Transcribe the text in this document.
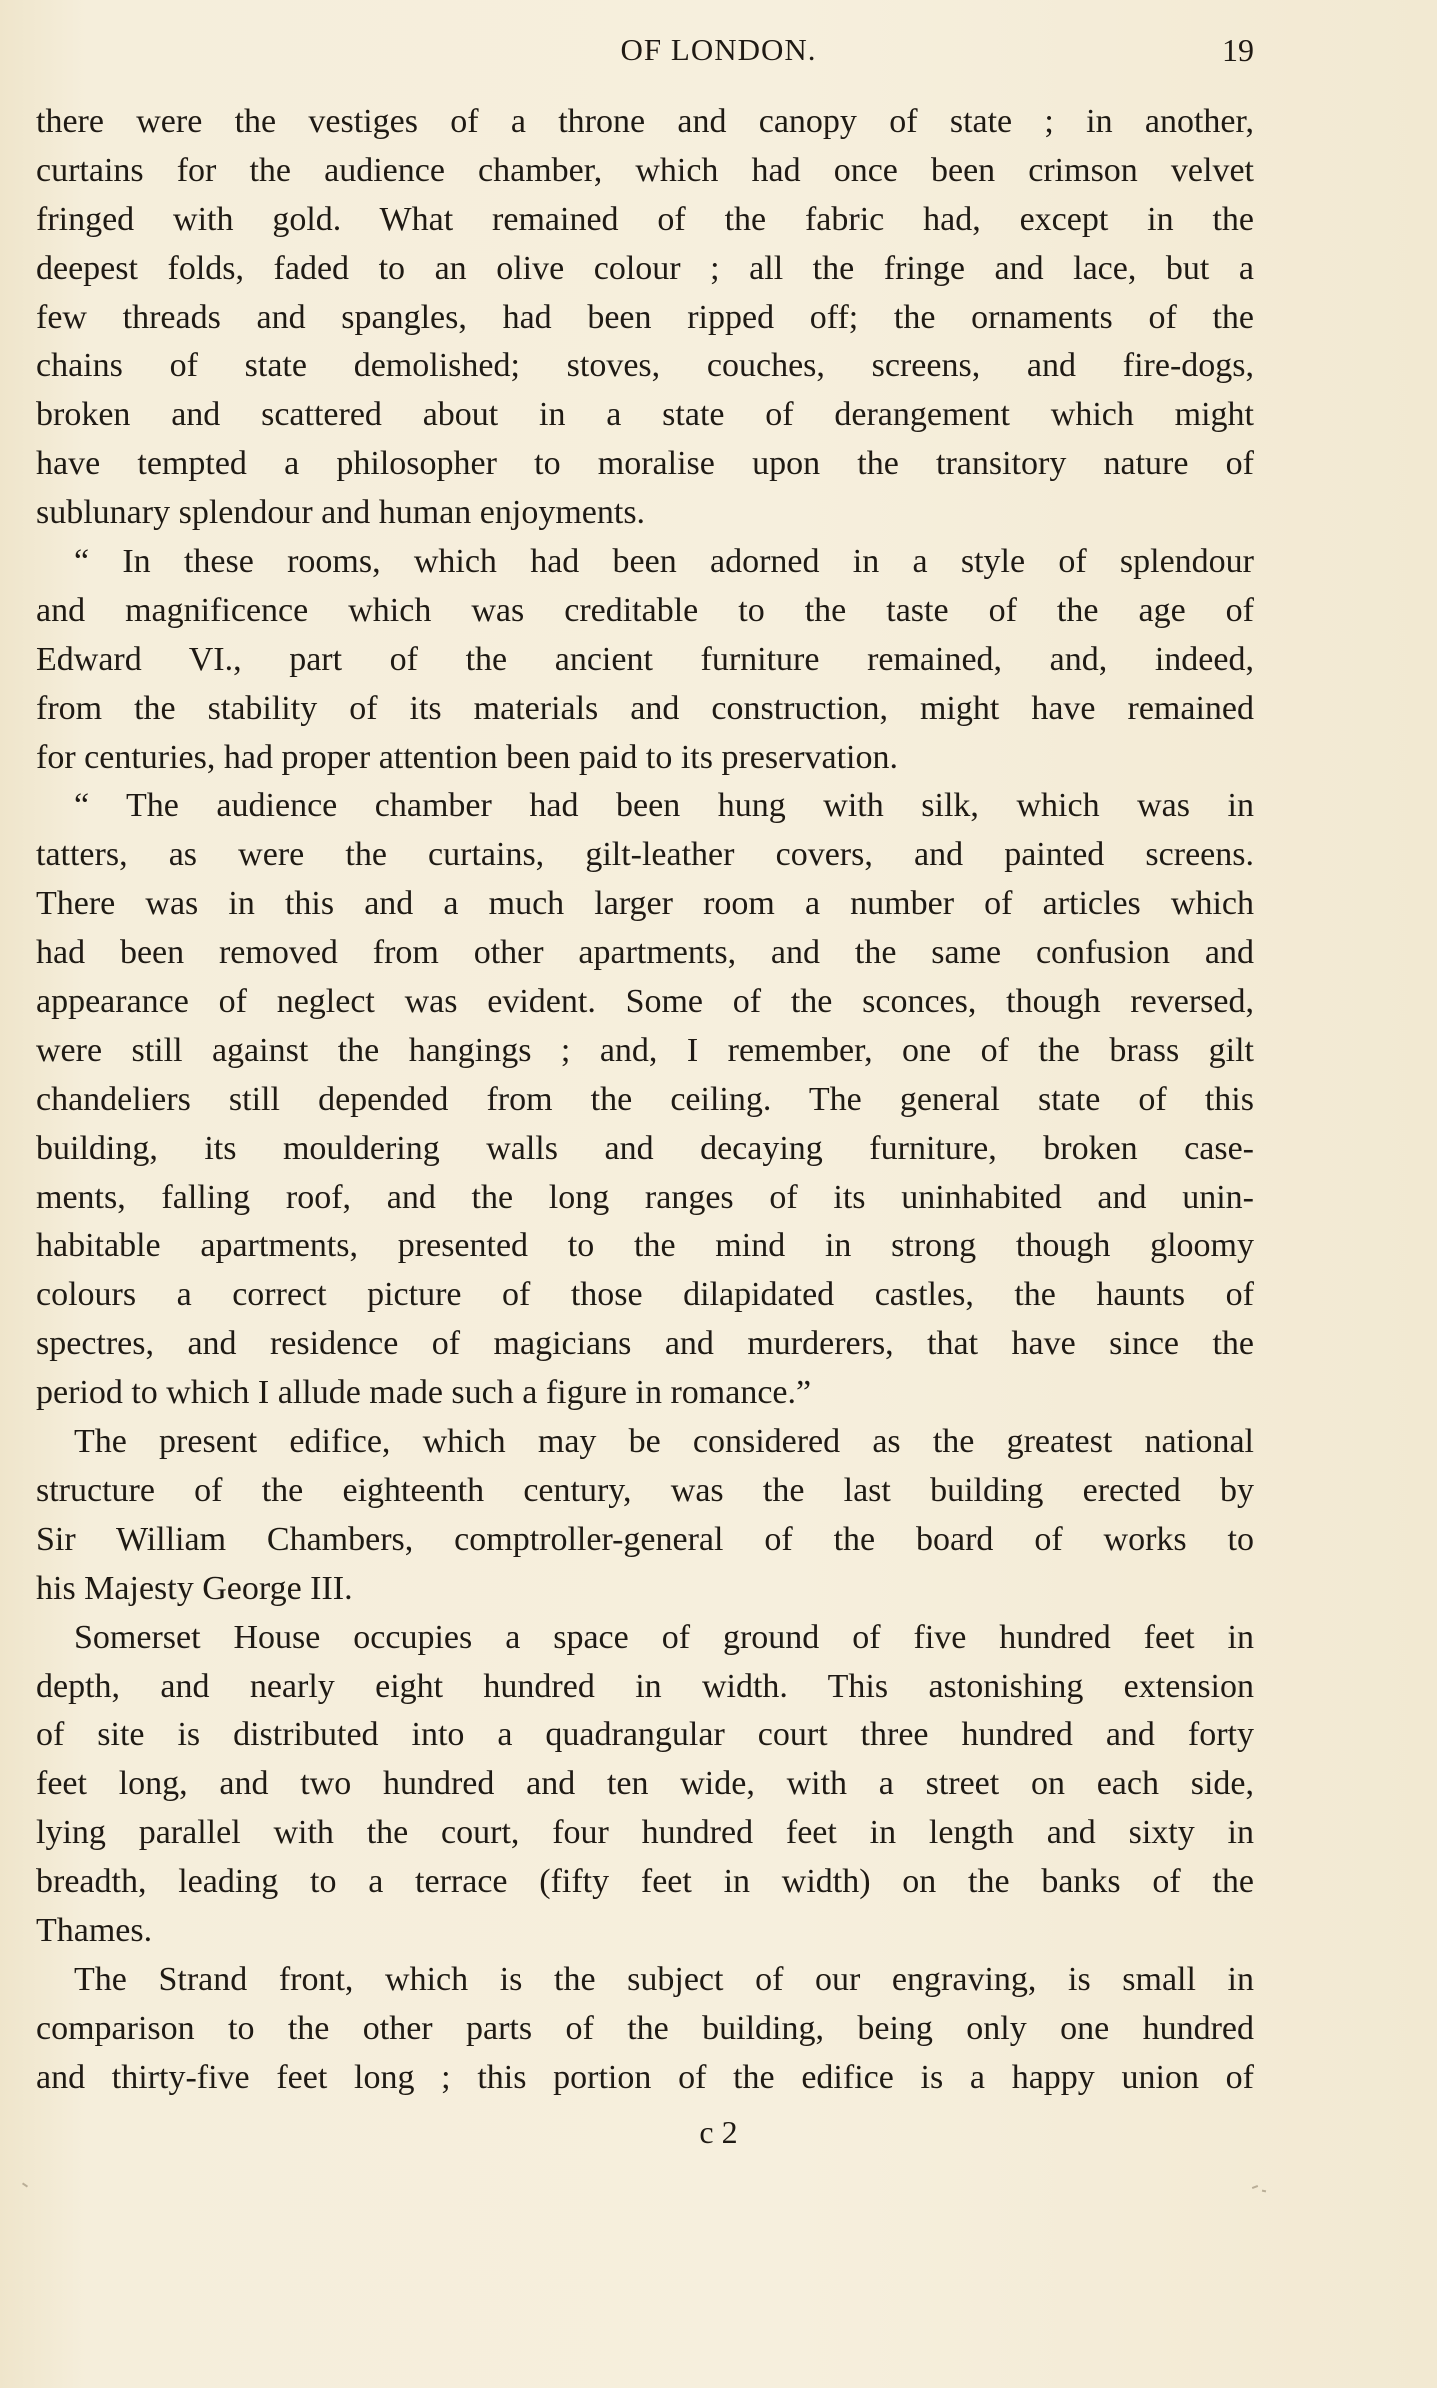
OF LONDON.	19
there were the vestiges of a throne and canopy of state ; in another,
curtains for the audience chamber, which had once been crimson velvet
fringed with gold. What remained of the fabric had, except in the
deepest folds, faded to an olive colour ; all the fringe and lace, but a
few threads and spangles, had been ripped off; the ornaments of the
chains of state demolished; stoves, couches, screens, and fire-dogs,
broken and scattered about in a state of derangement which might
have tempted a philosopher to moralise upon the transitory nature of
sublunary splendour and human enjoyments.
“ In these rooms, which had been adorned in a style of splendour
and magnificence which was creditable to the taste of the age of
Edward VI., part of the ancient furniture remained, and, indeed,
from the stability of its materials and construction, might have remained
for centuries, had proper attention been paid to its preservation.
“ The audience chamber had been hung with silk, which was in
tatters, as were the curtains, gilt-leather covers, and painted screens.
There was in this and a much larger room a number of articles which
had been removed from other apartments, and the same confusion and
appearance of neglect was evident. Some of the sconces, though reversed,
were still against the hangings ; and, I remember, one of the brass gilt
chandeliers still depended from the ceiling. The general state of this
building, its mouldering walls and decaying furniture, broken case-
ments, falling roof, and the long ranges of its uninhabited and unin-
habitable apartments, presented to the mind in strong though gloomy
colours a correct picture of those dilapidated castles, the haunts of
spectres, and residence of magicians and murderers, that have since the
period to which I allude made such a figure in romance.”
The present edifice, which may be considered as the greatest national
structure of the eighteenth century, was the last building erected by
Sir William Chambers, comptroller-general of the board of works to
his Majesty George III.
Somerset House occupies a space of ground of five hundred feet in
depth, and nearly eight hundred in width. This astonishing extension
of site is distributed into a quadrangular court three hundred and forty
feet long, and two hundred and ten wide, with a street on each side,
lying parallel with the court, four hundred feet in length and sixty in
breadth, leading to a terrace (fifty feet in width) on the banks of the
Thames.
The Strand front, which is the subject of our engraving, is small in
comparison to the other parts of the building, being only one hundred
and thirty-five feet long ; this portion of the edifice is a happy union of
c 2
